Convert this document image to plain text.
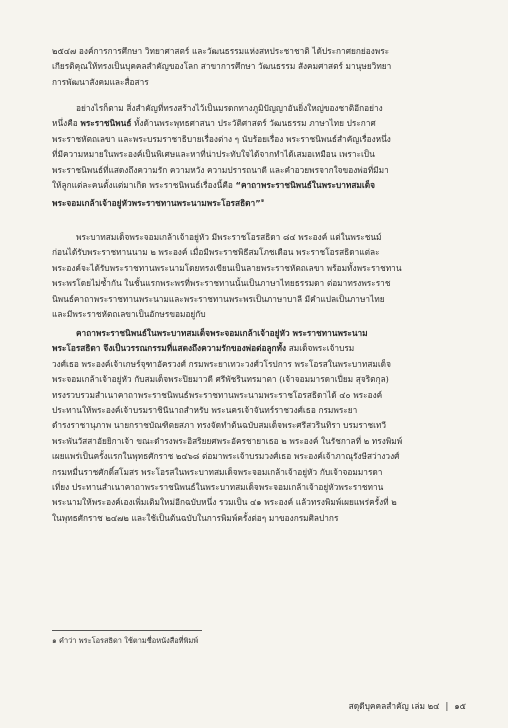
๒๕๔๗ องค์การการศึกษา วิทยาศาสตร์ และวัฒนธรรมแห่งสหประชาชาติ ได้ประกาศยกย่องพระ
เกียรติคุณให้ทรงเป็นบุคคลสำคัญของโลก สาขาการศึกษา วัฒนธรรม สังคมศาสตร์ มานุษยวิทยา
การพัฒนาสังคมและสื่อสาร
อย่างไรก็ตาม สิ่งสำคัญที่ทรงสร้างไว้เป็นมรดกทางภูมิปัญญาอันยิ่งใหญ่ของชาติอีกอย่าง
หนึ่งคือ พระราชนิพนธ์ ทั้งด้านพระพุทธศาสนา ประวัติศาสตร์ วัฒนธรรม ภาษาไทย ประกาศ
พระราชหัตถเลขา และพระบรมราชาธิบายเรื่องต่าง ๆ นับร้อยเรื่อง พระราชนิพนธ์สำคัญเรื่องหนึ่ง
ที่มีความหมายในพระองค์เป็นพิเศษและหาที่น่าประทับใจได้จากทำได้เสมอเหมือน เพราะเป็น
พระราชนิพนธ์ที่แสดงถึงความรัก ความหวัง ความปรารถนาดี และคำอวยพรจากใจของพ่อที่มีมา
ให้ลูกแต่ละคนตั้งแต่มาเกิด พระราชนิพนธ์เรื่องนี้คือ “คาถาพระราชนิพนธ์ในพระบาทสมเด็จ
พระจอมเกล้าเจ้าอยู่หัวพระราชทานพระนามพระโอรสธิดา”$^๑$
พระบาทสมเด็จพระจอมเกล้าเจ้าอยู่หัว มีพระราชโอรสธิดา ๘๔ พระองค์ แต่ในพระชนม์
ก่อนได้รับพระราชทานนาม ๒ พระองค์ เมื่อมีพระราชพิธีสมโภชเดือน พระราชโอรสธิดาแต่ละ
พระองค์จะได้รับพระราชทานพระนามโดยทรงเขียนเป็นลายพระราชหัตถเลขา พร้อมทั้งพระราชทาน
พระพรโดยไม่ซ้ำกัน ในชั้นแรกพระพรที่พระราชทานนั้นเป็นภาษาไทยธรรมดา ต่อมาทรงพระราช
นิพนธ์คาถาพระราชทานพระนามและพระราชทานพระพรเป็นภาษาบาลี มีคำแปลเป็นภาษาไทย
และมีพระราชหัตถเลขาเป็นอักษรขอมอยู่กับ
คาถาพระราชนิพนธ์ในพระบาทสมเด็จพระจอมเกล้าเจ้าอยู่หัว พระราชทานพระนาม
พระโอรสธิดา จึงเป็นวรรณกรรมที่แสดงถึงความรักของพ่อต่อลูกทั้ง สมเด็จพระเจ้าบรม
วงศ์เธอ พระองค์เจ้าเกษร์จุฑาอัครวงศ์ กรมพระยาเทวะวงศ์วโรปการ พระโอรสในพระบาทสมเด็จ
พระจอมเกล้าเจ้าอยู่หัว กับสมเด็จพระปิยมาวดี ศรีพัชรินทรมาตา (เจ้าจอมมารดาเปี่ยม สุจริตกุล)
ทรงรวบรวมสำเนาคาถาพระราชนิพนธ์พระราชทานพระนามพระราชโอรสธิดาได้ ๔๐ พระองค์
ประทานให้พระองค์เจ้าบรมราชินีนาถสำหรับ พระนครเจ้าจันทร์ราชวงศ์เธอ กรมพระยา
ดำรงราชานุภาพ นายกราชบัณฑิตยสภา ทรงจัดทำต้นฉบับสมเด็จพระศรีสวรินทิรา บรมราชเทวี
พระพันวัสสาอัยยิกาเจ้า ขณะดำรงพระอิสริยยศพระอัครชายาเธอ ๒ พระองค์ ในรัชกาลที่ ๒ ทรงพิมพ์
เผยแพร่เป็นครั้งแรกในพุทธศักราช ๒๔๖๘ ต่อมาพระเจ้าบรมวงศ์เธอ พระองค์เจ้าภาณุรังษีสว่างวงศ์
กรมหมื่นราชศักดิ์สโมสร พระโอรสในพระบาทสมเด็จพระจอมเกล้าเจ้าอยู่หัว กับเจ้าจอมมารดา
เที่ยง ประทานสำเนาคาถาพระราชนิพนธ์ในพระบาทสมเด็จพระจอมเกล้าเจ้าอยู่หัวพระราชทาน
พระนามให้พระองค์เองเพิ่มเติมใหม่อีกฉบับหนึ่ง รวมเป็น ๔๑ พระองค์ แล้วทรงพิมพ์เผยแพร่ครั้งที่ ๒
ในพุทธศักราช ๒๔๗๒ และใช้เป็นต้นฉบับในการพิมพ์ครั้งต่อๆ มาของกรมศิลปากร
๑ คำว่า พระโอรสธิดา ใช้ตามชื่อหนังสือที่พิมพ์
สดุดีบุคคลสำคัญ เล่ม ๒๔ | ๑๕
